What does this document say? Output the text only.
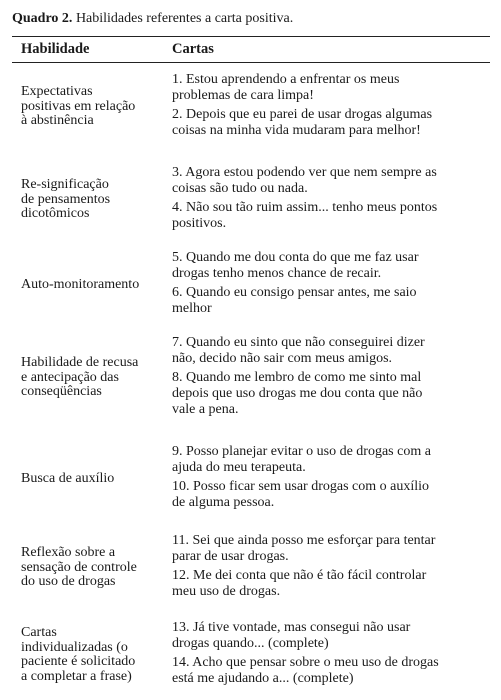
Quadro 2. Habilidades referentes a carta positiva.
Habilidade	Cartas
Expectativas
positivas em relação
à abstinência
1. Estou aprendendo a enfrentar os meus
problemas de cara limpa!
2. Depois que eu parei de usar drogas algumas
coisas na minha vida mudaram para melhor!
Re-significação
de pensamentos
dicotômicos
3. Agora estou podendo ver que nem sempre as
coisas são tudo ou nada.
4. Não sou tão ruim assim... tenho meus pontos
positivos.
Auto-monitoramento
5. Quando me dou conta do que me faz usar
drogas tenho menos chance de recair.
6. Quando eu consigo pensar antes, me saio
melhor
Habilidade de recusa
e antecipação das
conseqüências
7. Quando eu sinto que não conseguirei dizer
não, decido não sair com meus amigos.
8. Quando me lembro de como me sinto mal
depois que uso drogas me dou conta que não
vale a pena.
Busca de auxílio
9. Posso planejar evitar o uso de drogas com a
ajuda do meu terapeuta.
10. Posso ficar sem usar drogas com o auxílio
de alguma pessoa.
Reflexão sobre a
sensação de controle
do uso de drogas
11. Sei que ainda posso me esforçar para tentar
parar de usar drogas.
12. Me dei conta que não é tão fácil controlar
meu uso de drogas.
Cartas
individualizadas (o
paciente é solicitado
a completar a frase)
13. Já tive vontade, mas consegui não usar
drogas quando... (complete)
14. Acho que pensar sobre o meu uso de drogas
está me ajudando a... (complete)
